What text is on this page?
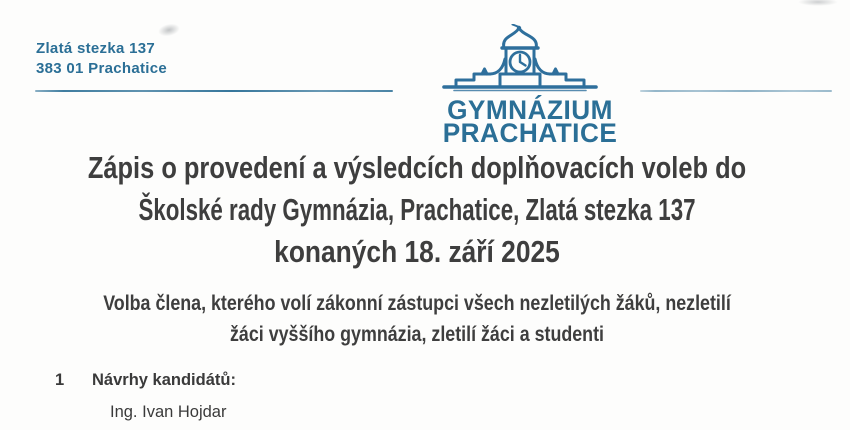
Zlatá stezka 137
383 01 Prachatice
GYMNÁZIUM
PRACHATICE
Zápis o provedení a výsledcích doplňovacích voleb do
Školské rady Gymnázia, Prachatice, Zlatá stezka 137
konaných 18. září 2025
Volba člena, kterého volí zákonní zástupci všech nezletilých žáků, nezletilí
žáci vyššího gymnázia, zletilí žáci a studenti
1	Návrhy kandidátů:
Ing. Ivan Hojdar
